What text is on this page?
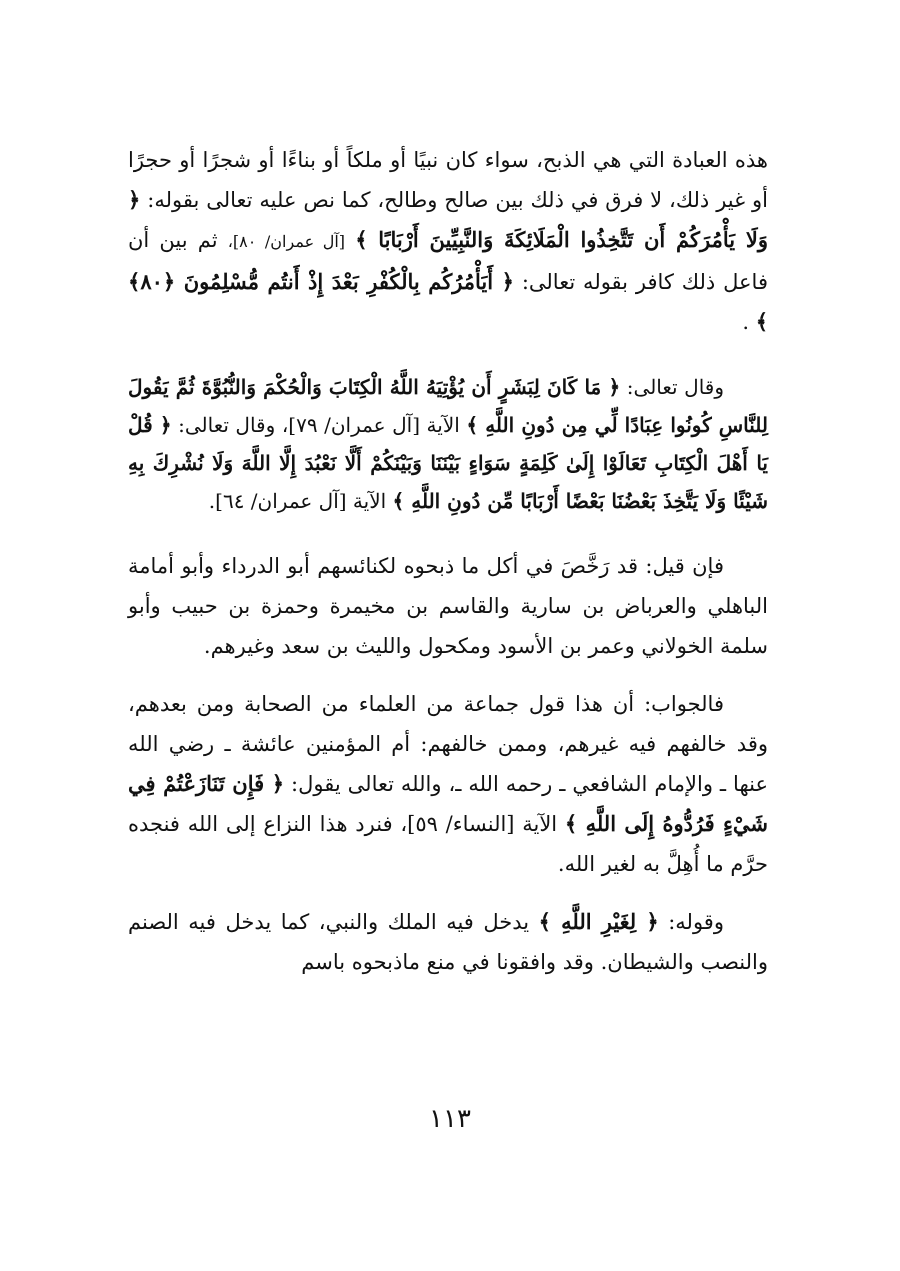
هذه العبادة التي هي الذبح، سواء كان نبيًا أو ملكاً أو بناءًا أو شجرًا أو حجرًا أو غير ذلك، لا فرق في ذلك بين صالح وطالح، كما نص عليه تعالى بقوله: ﴿ وَلَا يَأْمُرَكُمْ أَن تَتَّخِذُوا الْمَلَائِكَةَ وَالنَّبِيِّينَ أَرْبَابًا ﴾ [آل عمران/ ٨٠]، ثم بين أن فاعل ذلك كافر بقوله تعالى: ﴿ أَيَأْمُرُكُم بِالْكُفْرِ بَعْدَ إِذْ أَنتُم مُّسْلِمُونَ ﴿٨٠﴾ ﴾ .

وقال تعالى: ﴿ مَا كَانَ لِبَشَرٍ أَن يُؤْتِيَهُ اللَّهُ الْكِتَابَ وَالْحُكْمَ وَالنُّبُوَّةَ ثُمَّ يَقُولَ لِلنَّاسِ كُونُوا عِبَادًا لِّي مِن دُونِ اللَّهِ ﴾ الآية [آل عمران/ ٧٩]، وقال تعالى: ﴿ قُلْ يَا أَهْلَ الْكِتَابِ تَعَالَوْا إِلَىٰ كَلِمَةٍ سَوَاءٍ بَيْنَنَا وَبَيْنَكُمْ أَلَّا نَعْبُدَ إِلَّا اللَّهَ وَلَا نُشْرِكَ بِهِ شَيْئًا وَلَا يَتَّخِذَ بَعْضُنَا بَعْضًا أَرْبَابًا مِّن دُونِ اللَّهِ ﴾ الآية [آل عمران/ ٦٤].

فإن قيل: قد رَخَّصَ في أكل ما ذبحوه لكنائسهم أبو الدرداء وأبو أمامة الباهلي والعرباض بن سارية والقاسم بن مخيمرة وحمزة بن حبيب وأبو سلمة الخولاني وعمر بن الأسود ومكحول والليث بن سعد وغيرهم.

فالجواب: أن هذا قول جماعة من العلماء من الصحابة ومن بعدهم، وقد خالفهم فيه غيرهم، وممن خالفهم: أم المؤمنين عائشة ـ رضي الله عنها ـ والإمام الشافعي ـ رحمه الله ـ، والله تعالى يقول: ﴿ فَإِن تَنَازَعْتُمْ فِي شَيْءٍ فَرُدُّوهُ إِلَى اللَّهِ ﴾ الآية [النساء/ ٥٩]، فنرد هذا النزاع إلى الله فنجده حرَّم ما أُهِلَّ به لغير الله.

وقوله: ﴿ لِغَيْرِ اللَّهِ ﴾ يدخل فيه الملك والنبي، كما يدخل فيه الصنم والنصب والشيطان. وقد وافقونا في منع ماذبحوه باسم

١١٣
